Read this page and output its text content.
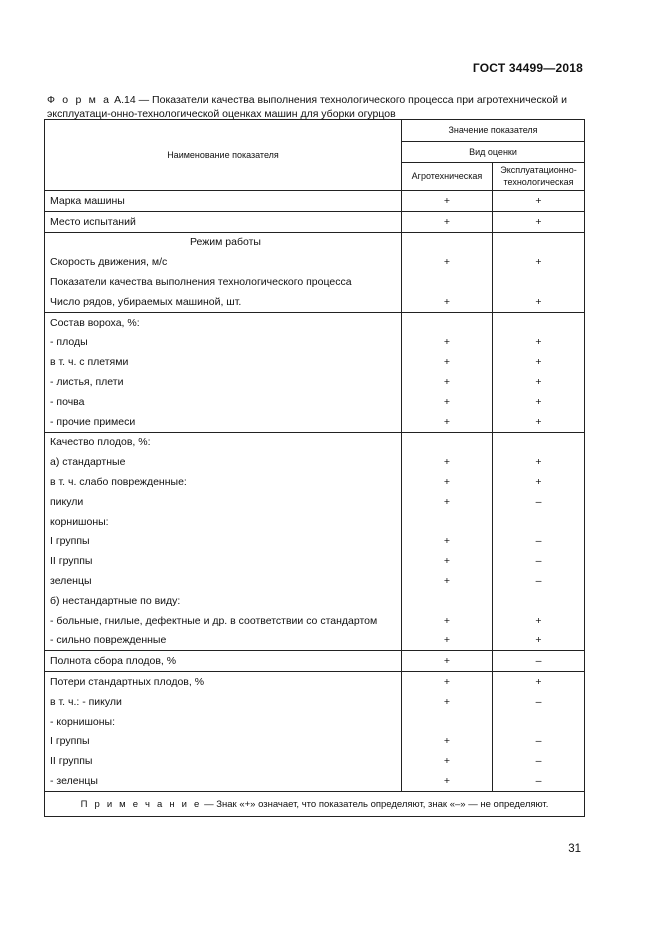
ГОСТ 34499—2018
Ф о р м а А.14 — Показатели качества выполнения технологического процесса при агротехнической и эксплуатаци-онно-технологической оценках машин для уборки огурцов
Наименование показателя	Значение показателя	
	Вид оценки	
	Агротехническая	Эксплуатационно-технологическая
Марка машины	+	+
Место испытаний	+	+
Режим работы		
Скорость движения, м/с	+	+
Показатели качества выполнения технологического процесса		
Число рядов, убираемых машиной, шт.	+	+
Состав вороха, %:		
- плоды	+	+
в т. ч. с плетями	+	+
- листья, плети	+	+
- почва	+	+
- прочие примеси	+	+
Качество плодов, %:		
а) стандартные	+	+
в т. ч. слабо поврежденные:	+	+
пикули	+	–
корнишоны:		
I группы	+	–
II группы	+	–
зеленцы	+	–
б) нестандартные по виду:		
- больные, гнилые, дефектные и др. в соответствии со стандартом	+	+
- сильно поврежденные	+	+
Полнота сбора плодов, %	+	–
Потери стандартных плодов, %	+	+
в т. ч.: - пикули	+	–
- корнишоны:		
I группы	+	–
II группы	+	–
- зеленцы	+	–
П р и м е ч а н и е — Знак «+» означает, что показатель определяют, знак «–» — не определяют.		
31
